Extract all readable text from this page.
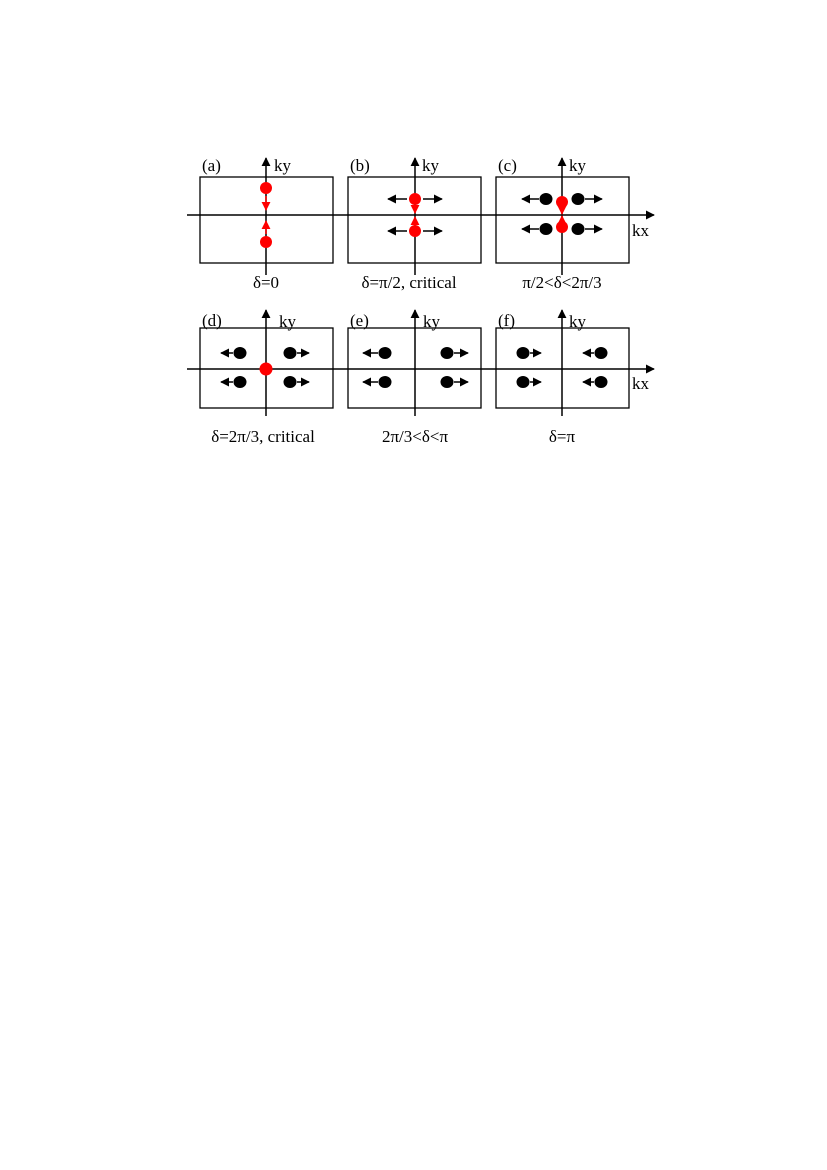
kx
ky
(a)
δ=0
ky
(b)
δ=π/2, critical
ky
(c)
π/2<δ<2π/3
kx
ky
(d)
δ=2π/3, critical
ky
(e)
2π/3<δ<π
ky
(f)
δ=π
